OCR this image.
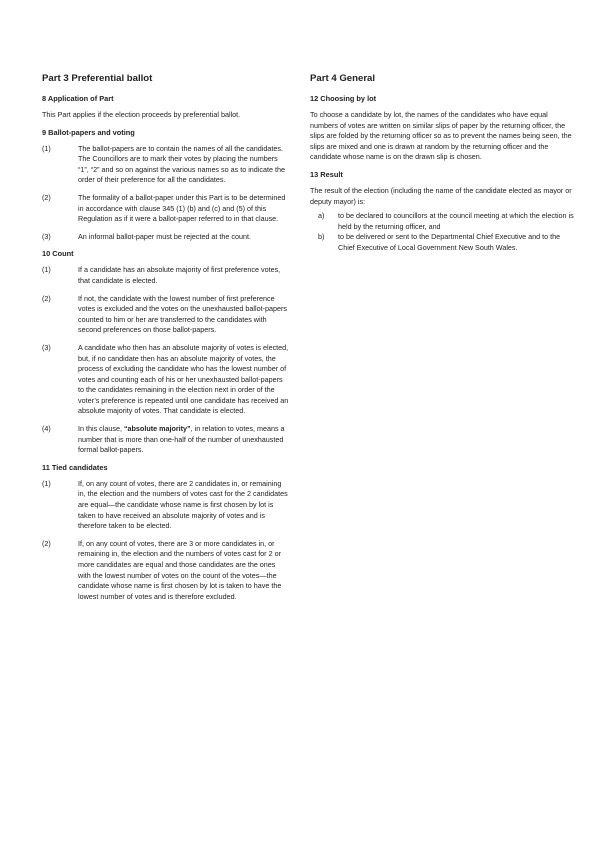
Part 3 Preferential ballot
8 Application of Part

This Part applies if the election proceeds by preferential ballot.

9 Ballot-papers and voting
(1)	The ballot-papers are to contain the names of all the candidates. The Councillors are to mark their votes by placing the numbers “1”, “2” and so on against the various names so as to indicate the order of their preference for all the candidates.
(2)	The formality of a ballot-paper under this Part is to be determined in accordance with clause 345 (1) (b) and (c) and (5) of this Regulation as if it were a ballot-paper referred to in that clause.
(3)	An informal ballot-paper must be rejected at the count.
10 Count
(1)	If a candidate has an absolute majority of first preference votes, that candidate is elected.
(2)	If not, the candidate with the lowest number of first preference votes is excluded and the votes on the unexhausted ballot-papers counted to him or her are transferred to the candidates with second preferences on those ballot-papers.
(3)	A candidate who then has an absolute majority of votes is elected, but, if no candidate then has an absolute majority of votes, the process of excluding the candidate who has the lowest number of votes and counting each of his or her unexhausted ballot-papers to the candidates remaining in the election next in order of the voter’s preference is repeated until one candidate has received an absolute majority of votes. That candidate is elected.
(4)	In this clause, “absolute majority”, in relation to votes, means a number that is more than one-half of the number of unexhausted formal ballot-papers.
11 Tied candidates
(1)	If, on any count of votes, there are 2 candidates in, or remaining in, the election and the numbers of votes cast for the 2 candidates are equal—the candidate whose name is first chosen by lot is taken to have received an absolute majority of votes and is therefore taken to be elected.
(2)	If, on any count of votes, there are 3 or more candidates in, or remaining in, the election and the numbers of votes cast for 2 or more candidates are equal and those candidates are the ones with the lowest number of votes on the count of the votes—the candidate whose name is first chosen by lot is taken to have the lowest number of votes and is therefore excluded.
Part 4 General
12 Choosing by lot

To choose a candidate by lot, the names of the candidates who have equal numbers of votes are written on similar slips of paper by the returning officer, the slips are folded by the returning officer so as to prevent the names being seen, the slips are mixed and one is drawn at random by the returning officer and the candidate whose name is on the drawn slip is chosen.

13 Result

The result of the election (including the name of the candidate elected as mayor or deputy mayor) is:

a)	to be declared to councillors at the council meeting at which the election is held by the returning officer, and
b)	to be delivered or sent to the Departmental Chief Executive and to the Chief Executive of Local Government New South Wales.
